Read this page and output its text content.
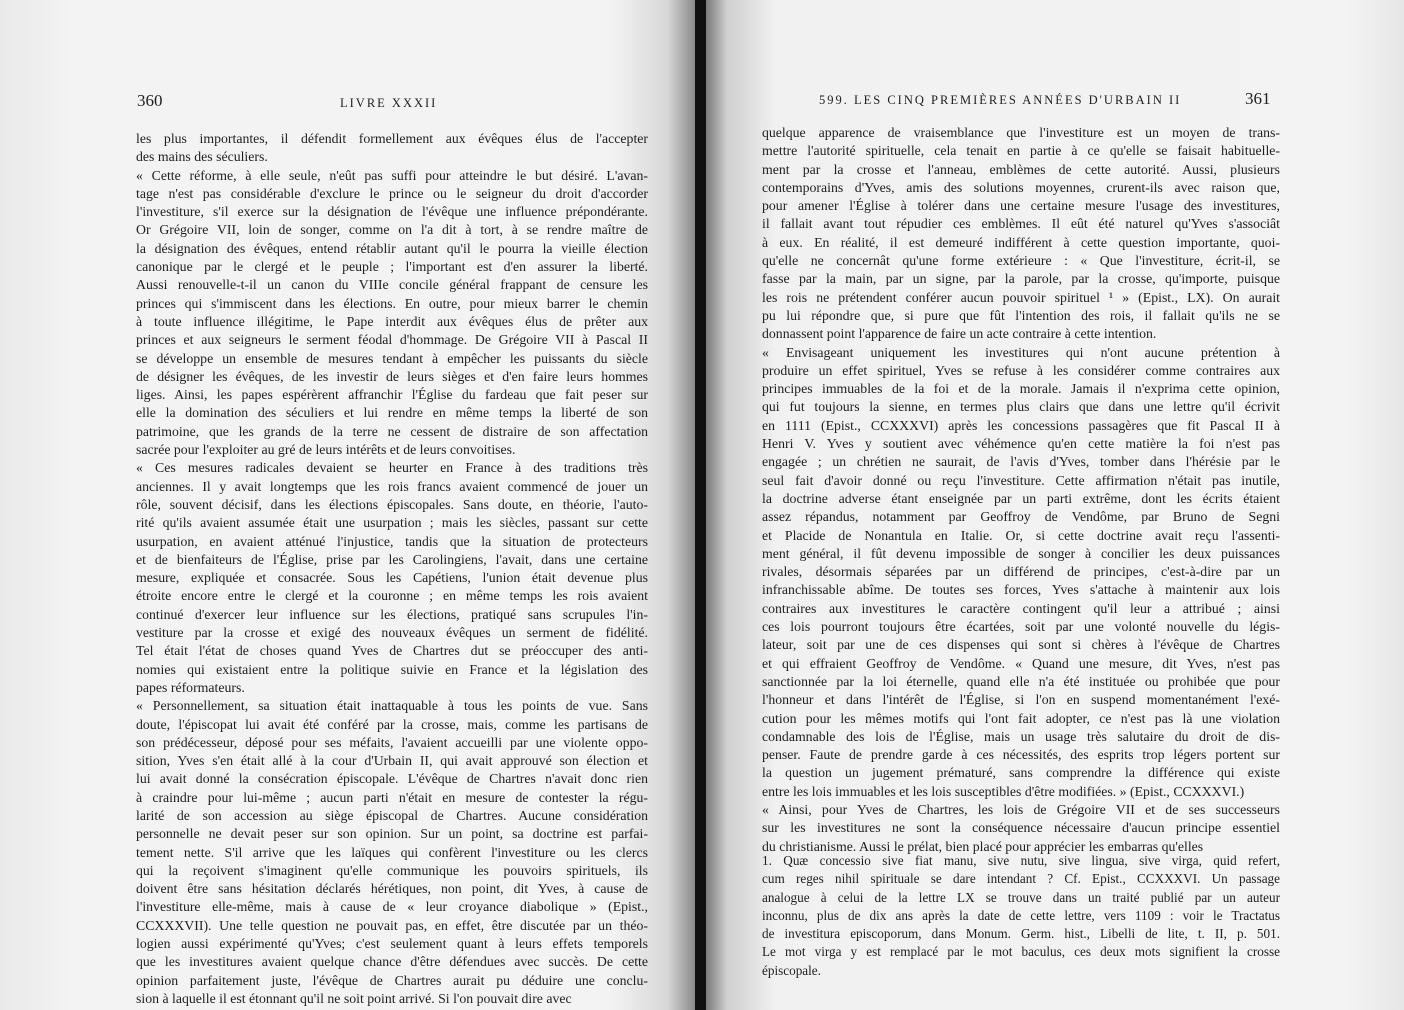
360	LIVRE XXXII
les plus importantes, il défendit formellement aux évêques élus de l'accepter
des mains des séculiers.
« Cette réforme, à elle seule, n'eût pas suffi pour atteindre le but désiré. L'avan-
tage n'est pas considérable d'exclure le prince ou le seigneur du droit d'accorder
l'investiture, s'il exerce sur la désignation de l'évêque une influence prépondérante.
Or Grégoire VII, loin de songer, comme on l'a dit à tort, à se rendre maître de
la désignation des évêques, entend rétablir autant qu'il le pourra la vieille élection
canonique par le clergé et le peuple ; l'important est d'en assurer la liberté.
Aussi renouvelle-t-il un canon du VIIIe concile général frappant de censure les
princes qui s'immiscent dans les élections. En outre, pour mieux barrer le chemin
à toute influence illégitime, le Pape interdit aux évêques élus de prêter aux
princes et aux seigneurs le serment féodal d'hommage. De Grégoire VII à Pascal II
se développe un ensemble de mesures tendant à empêcher les puissants du siècle
de désigner les évêques, de les investir de leurs sièges et d'en faire leurs hommes
liges. Ainsi, les papes espérèrent affranchir l'Église du fardeau que fait peser sur
elle la domination des séculiers et lui rendre en même temps la liberté de son
patrimoine, que les grands de la terre ne cessent de distraire de son affectation
sacrée pour l'exploiter au gré de leurs intérêts et de leurs convoitises.
« Ces mesures radicales devaient se heurter en France à des traditions très
anciennes. Il y avait longtemps que les rois francs avaient commencé de jouer un
rôle, souvent décisif, dans les élections épiscopales. Sans doute, en théorie, l'auto-
rité qu'ils avaient assumée était une usurpation ; mais les siècles, passant sur cette
usurpation, en avaient atténué l'injustice, tandis que la situation de protecteurs
et de bienfaiteurs de l'Église, prise par les Carolingiens, l'avait, dans une certaine
mesure, expliquée et consacrée. Sous les Capétiens, l'union était devenue plus
étroite encore entre le clergé et la couronne ; en même temps les rois avaient
continué d'exercer leur influence sur les élections, pratiqué sans scrupules l'in-
vestiture par la crosse et exigé des nouveaux évêques un serment de fidélité.
Tel était l'état de choses quand Yves de Chartres dut se préoccuper des anti-
nomies qui existaient entre la politique suivie en France et la législation des
papes réformateurs.
« Personnellement, sa situation était inattaquable à tous les points de vue. Sans
doute, l'épiscopat lui avait été conféré par la crosse, mais, comme les partisans de
son prédécesseur, déposé pour ses méfaits, l'avaient accueilli par une violente oppo-
sition, Yves s'en était allé à la cour d'Urbain II, qui avait approuvé son élection et
lui avait donné la consécration épiscopale. L'évêque de Chartres n'avait donc rien
à craindre pour lui-même ; aucun parti n'était en mesure de contester la régu-
larité de son accession au siège épiscopal de Chartres. Aucune considération
personnelle ne devait peser sur son opinion. Sur un point, sa doctrine est parfai-
tement nette. S'il arrive que les laïques qui confèrent l'investiture ou les clercs
qui la reçoivent s'imaginent qu'elle communique les pouvoirs spirituels, ils
doivent être sans hésitation déclarés hérétiques, non point, dit Yves, à cause de
l'investiture elle-même, mais à cause de « leur croyance diabolique » (Epist.,
CCXXXVII). Une telle question ne pouvait pas, en effet, être discutée par un théo-
logien aussi expérimenté qu'Yves; c'est seulement quant à leurs effets temporels
que les investitures avaient quelque chance d'être défendues avec succès. De cette
opinion parfaitement juste, l'évêque de Chartres aurait pu déduire une conclu-
sion à laquelle il est étonnant qu'il ne soit point arrivé. Si l'on pouvait dire avec
599. LES CINQ PREMIÈRES ANNÉES D'URBAIN II	361
quelque apparence de vraisemblance que l'investiture est un moyen de trans-
mettre l'autorité spirituelle, cela tenait en partie à ce qu'elle se faisait habituelle-
ment par la crosse et l'anneau, emblèmes de cette autorité. Aussi, plusieurs
contemporains d'Yves, amis des solutions moyennes, crurent-ils avec raison que,
pour amener l'Église à tolérer dans une certaine mesure l'usage des investitures,
il fallait avant tout répudier ces emblèmes. Il eût été naturel qu'Yves s'associât
à eux. En réalité, il est demeuré indifférent à cette question importante, quoi-
qu'elle ne concernât qu'une forme extérieure : « Que l'investiture, écrit-il, se
fasse par la main, par un signe, par la parole, par la crosse, qu'importe, puisque
les rois ne prétendent conférer aucun pouvoir spirituel ¹ » (Epist., LX). On aurait
pu lui répondre que, si pure que fût l'intention des rois, il fallait qu'ils ne se
donnassent point l'apparence de faire un acte contraire à cette intention.
« Envisageant uniquement les investitures qui n'ont aucune prétention à
produire un effet spirituel, Yves se refuse à les considérer comme contraires aux
principes immuables de la foi et de la morale. Jamais il n'exprima cette opinion,
qui fut toujours la sienne, en termes plus clairs que dans une lettre qu'il écrivit
en 1111 (Epist., CCXXXVI) après les concessions passagères que fit Pascal II à
Henri V. Yves y soutient avec véhémence qu'en cette matière la foi n'est pas
engagée ; un chrétien ne saurait, de l'avis d'Yves, tomber dans l'hérésie par le
seul fait d'avoir donné ou reçu l'investiture. Cette affirmation n'était pas inutile,
la doctrine adverse étant enseignée par un parti extrême, dont les écrits étaient
assez répandus, notamment par Geoffroy de Vendôme, par Bruno de Segni
et Placide de Nonantula en Italie. Or, si cette doctrine avait reçu l'assenti-
ment général, il fût devenu impossible de songer à concilier les deux puissances
rivales, désormais séparées par un différend de principes, c'est-à-dire par un
infranchissable abîme. De toutes ses forces, Yves s'attache à maintenir aux lois
contraires aux investitures le caractère contingent qu'il leur a attribué ; ainsi
ces lois pourront toujours être écartées, soit par une volonté nouvelle du légis-
lateur, soit par une de ces dispenses qui sont si chères à l'évêque de Chartres
et qui effraient Geoffroy de Vendôme. « Quand une mesure, dit Yves, n'est pas
sanctionnée par la loi éternelle, quand elle n'a été instituée ou prohibée que pour
l'honneur et dans l'intérêt de l'Église, si l'on en suspend momentanément l'exé-
cution pour les mêmes motifs qui l'ont fait adopter, ce n'est pas là une violation
condamnable des lois de l'Église, mais un usage très salutaire du droit de dis-
penser. Faute de prendre garde à ces nécessités, des esprits trop légers portent sur
la question un jugement prématuré, sans comprendre la différence qui existe
entre les lois immuables et les lois susceptibles d'être modifiées. » (Epist., CCXXXVI.)
« Ainsi, pour Yves de Chartres, les lois de Grégoire VII et de ses successeurs
sur les investitures ne sont la conséquence nécessaire d'aucun principe essentiel
du christianisme. Aussi le prélat, bien placé pour apprécier les embarras qu'elles
1. Quæ concessio sive fiat manu, sive nutu, sive lingua, sive virga, quid refert,
cum reges nihil spirituale se dare intendant ? Cf. Epist., CCXXXVI. Un passage
analogue à celui de la lettre LX se trouve dans un traité publié par un auteur
inconnu, plus de dix ans après la date de cette lettre, vers 1109 : voir le Tractatus
de investitura episcoporum, dans Monum. Germ. hist., Libelli de lite, t. II, p. 501.
Le mot virga y est remplacé par le mot baculus, ces deux mots signifient la crosse
épiscopale.
